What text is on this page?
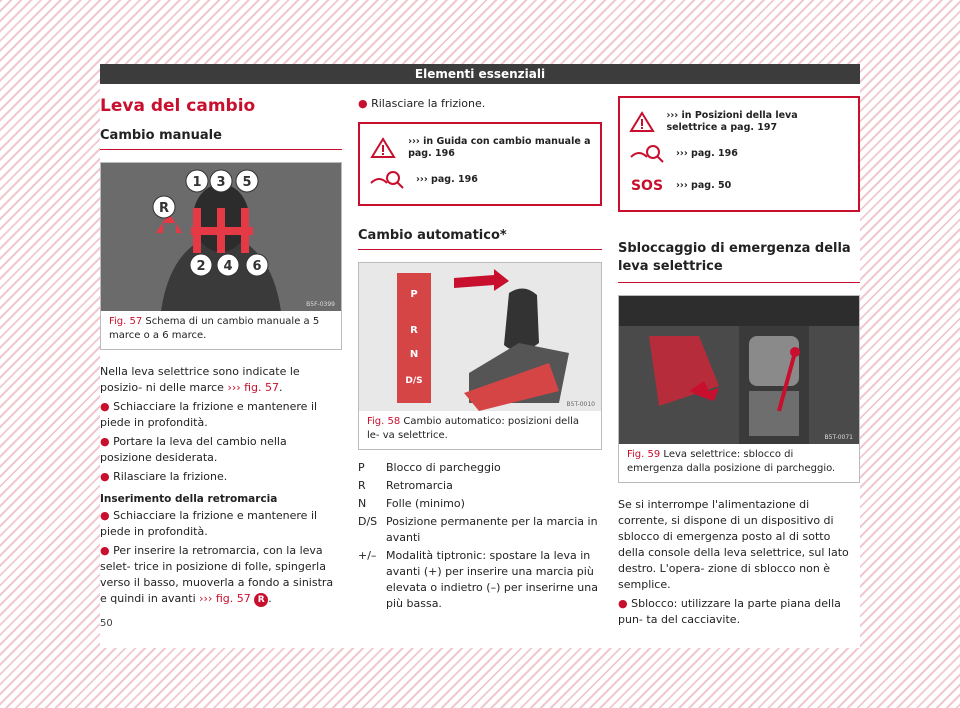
Elementi essenziali
Leva del cambio
Cambio manuale
R
1 3 5
2 4 6
B5F-0399
Fig. 57 Schema di un cambio manuale a 5 marce o a 6 marce.

Nella leva selettrice sono indicate le posizio- ni delle marce ››› fig. 57.

● Schiacciare la frizione e mantenere il piede in profondità.
● Portare la leva del cambio nella posizione desiderata.
● Rilasciare la frizione.
Inserimento della retromarcia
● Schiacciare la frizione e mantenere il piede in profondità.
● Per inserire la retromarcia, con la leva selet- trice in posizione di folle, spingerla verso il basso, muoverla a fondo a sinistra e quindi in avanti ››› fig. 57 R .
● Rilasciare la frizione.
››› in Guida con cambio manuale a pag. 196
››› pag. 196
Cambio automatico*
P
R
N
D/S
B5T-0010
Fig. 58 Cambio automatico: posizioni della le- va selettrice.
P	Blocco di parcheggio
R	Retromarcia
N	Folle (minimo)
D/S Posizione permanente per la marcia in avanti
+/– Modalità tiptronic: spostare la leva in avanti (+) per inserire una marcia più elevata o indietro (–) per inserirne una più bassa.
››› in Posizioni della leva selettrice a pag. 197
››› pag. 196
SOS	››› pag. 50
Sbloccaggio di emergenza della leva selettrice
B5T-0071
Fig. 59 Leva selettrice: sblocco di emergenza dalla posizione di parcheggio.

Se si interrompe l'alimentazione di corrente, si dispone di un dispositivo di sblocco di emergenza posto al di sotto della console della leva selettrice, sul lato destro. L'opera- zione di sblocco non è semplice.

● Sblocco: utilizzare la parte piana della pun- ta del cacciavite.
50
